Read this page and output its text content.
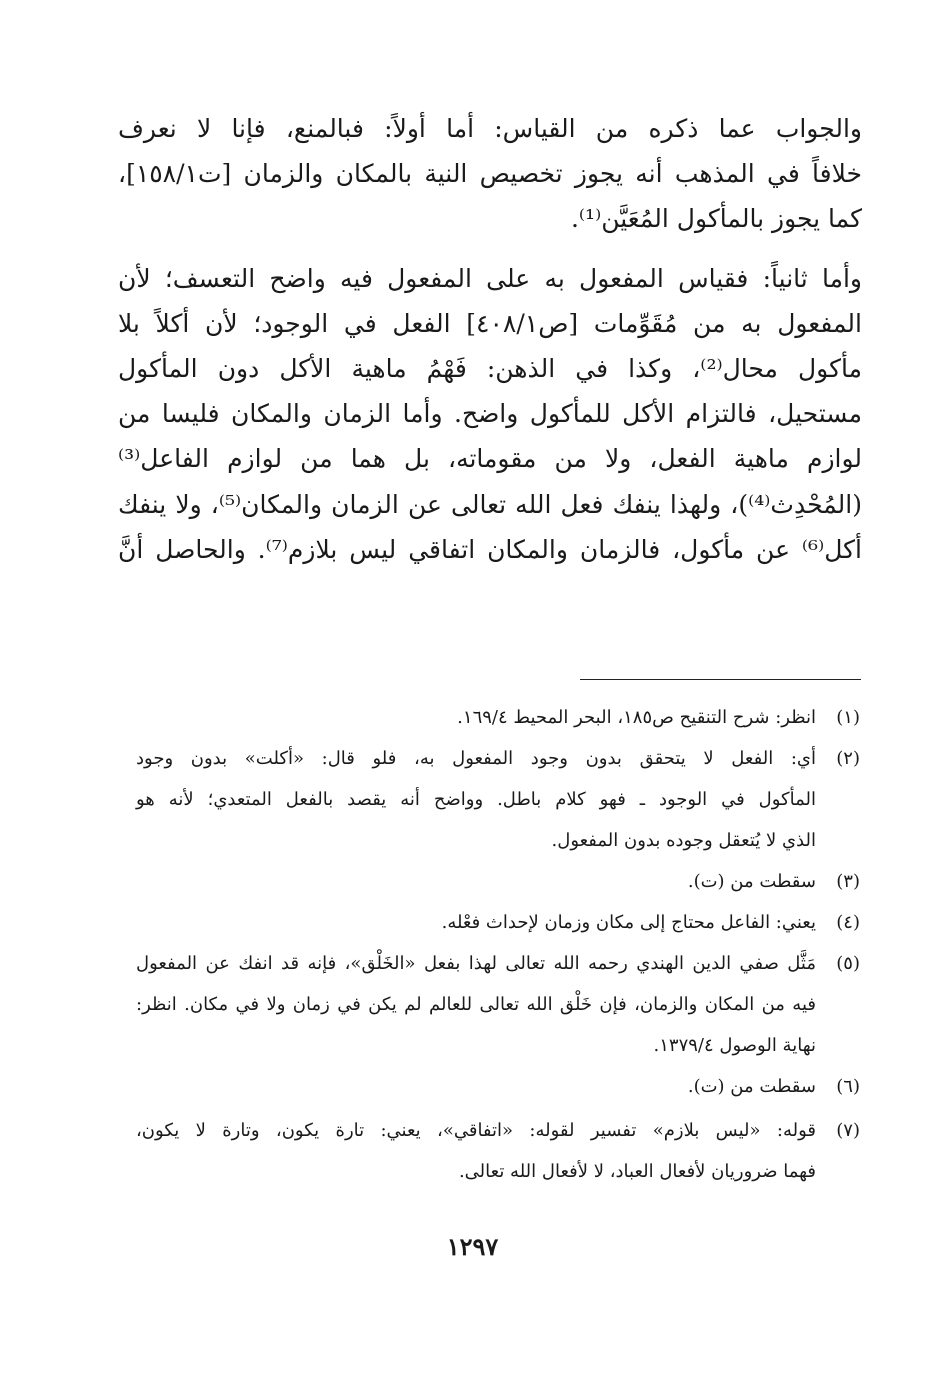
والجواب عما ذكره من القياس: أما أولاً: فبالمنع، فإنا لا نعرف
خلافاً في المذهب أنه يجوز تخصيص النية بالمكان والزمان [ت١٥٨/١]،
كما يجوز بالمأكول المُعَيَّن⁽¹⁾.

وأما ثانياً: فقياس المفعول به على المفعول فيه واضح التعسف؛ لأن
المفعول به من مُقَوِّمات [ص٤٠٨/١] الفعل في الوجود؛ لأن أكلاً بلا
مأكول محال⁽²⁾، وكذا في الذهن: فَهْمُ ماهية الأكل دون المأكول
مستحيل، فالتزام الأكل للمأكول واضح. وأما الزمان والمكان فليسا من
لوازم ماهية الفعل، ولا من مقوماته، بل هما من لوازم الفاعل⁽³⁾
(المُحْدِث⁽⁴⁾)، ولهذا ينفك فعل الله تعالى عن الزمان والمكان⁽⁵⁾، ولا ينفك
أكل⁽⁶⁾ عن مأكول، فالزمان والمكان اتفاقي ليس بلازم⁽⁷⁾. والحاصل أنَّ

(١)
انظر: شرح التنقيح ص١٨٥، البحر المحيط ١٦٩/٤.
(٢)
أي: الفعل لا يتحقق بدون وجود المفعول به، فلو قال: «أكلت» بدون وجود
المأكول في الوجود ـ فهو كلام باطل. وواضح أنه يقصد بالفعل المتعدي؛ لأنه هو
الذي لا يُتعقل وجوده بدون المفعول.
(٣)
سقطت من (ت).
(٤)
يعني: الفاعل محتاج إلى مكان وزمان لإحداث فعْله.
(٥)
مَثَّل صفي الدين الهندي رحمه الله تعالى لهذا بفعل «الخَلْق»، فإنه قد انفك عن المفعول
فيه من المكان والزمان، فإن خَلْق الله تعالى للعالم لم يكن في زمان ولا في مكان. انظر:
نهاية الوصول ١٣٧٩/٤.
(٦)
سقطت من (ت).
(٧)
قوله: «ليس بلازم» تفسير لقوله: «اتفاقي»، يعني: تارة يكون، وتارة لا يكون،
فهما ضروريان لأفعال العباد، لا لأفعال الله تعالى.
١٢٩٧
